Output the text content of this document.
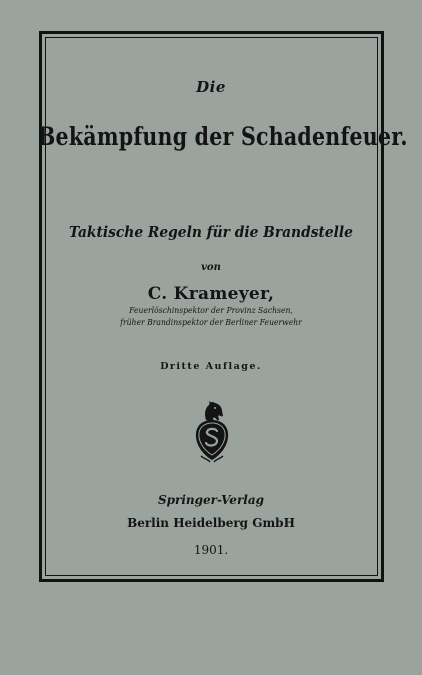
Die
Bekämpfung der Schadenfeuer.
Taktische Regeln für die Brandstelle
von
C. Krameyer,
Feuerlöschinspektor der Provinz Sachsen,
früher Brandinspektor der Berliner Feuerwehr
Dritte Auflage.
Springer-Verlag
Berlin Heidelberg GmbH
1901.
